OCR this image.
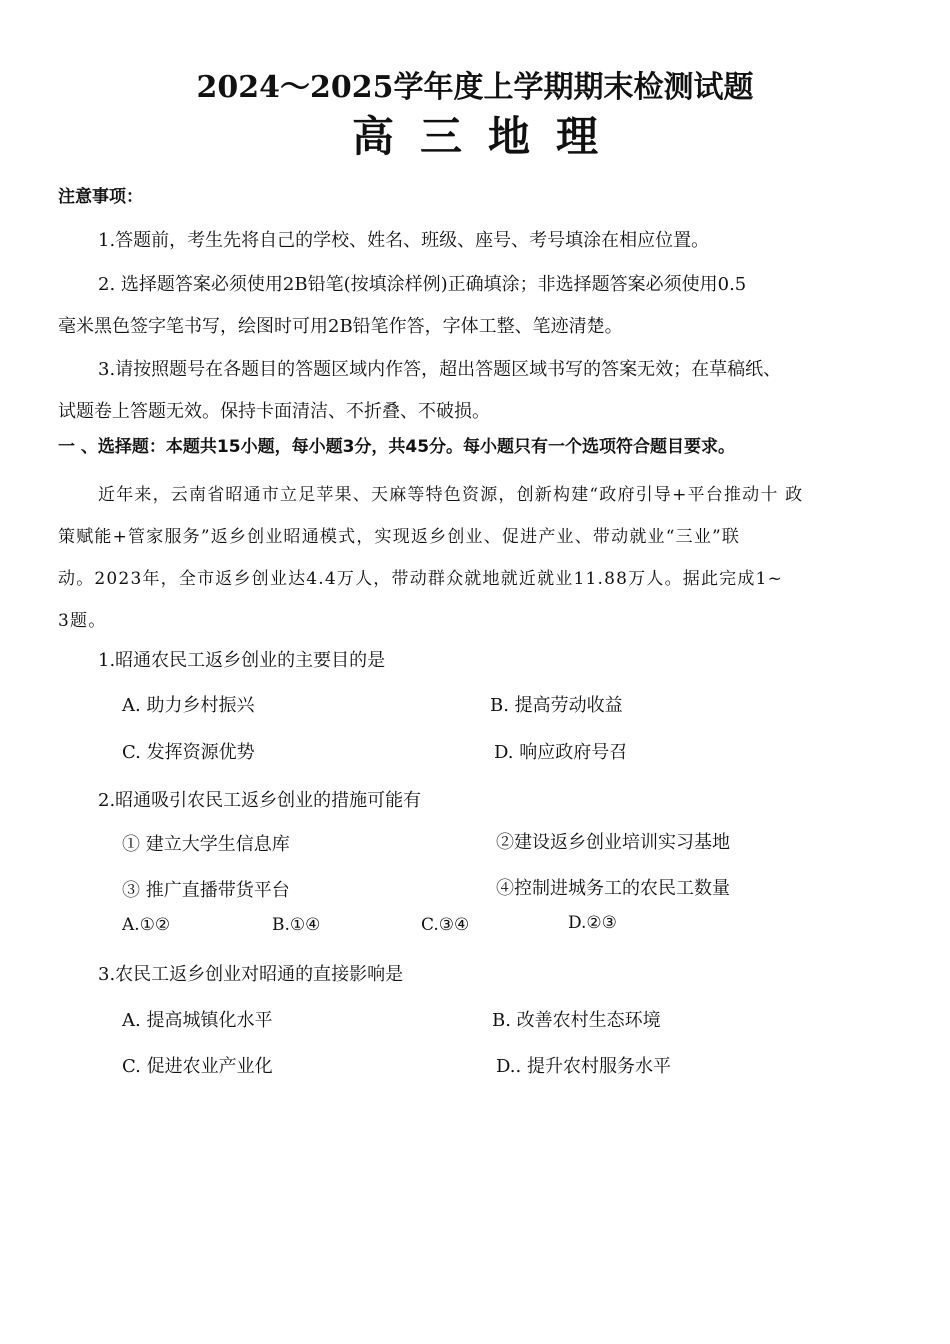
2024～2025学年度上学期期末检测试题
高三地理
注意事项：
1.答题前，考生先将自己的学校、姓名、班级、座号、考号填涂在相应位置。
2. 选择题答案必须使用2B铅笔(按填涂样例)正确填涂；非选择题答案必须使用0.5
毫米黑色签字笔书写，绘图时可用2B铅笔作答，字体工整、笔迹清楚。
3.请按照题号在各题目的答题区域内作答，超出答题区域书写的答案无效；在草稿纸、
试题卷上答题无效。保持卡面清洁、不折叠、不破损。
一 、选择题：本题共15小题，每小题3分，共45分。每小题只有一个选项符合题目要求。
近年来，云南省昭通市立足苹果、天麻等特色资源，创新构建“政府引导+平台推动十 政
策赋能+管家服务”返乡创业昭通模式，实现返乡创业、促进产业、带动就业“三业”联
动。2023年，全市返乡创业达4.4万人，带动群众就地就近就业11.88万人。据此完成1~
3题。
1.昭通农民工返乡创业的主要目的是
A. 助力乡村振兴	B. 提高劳动收益
C. 发挥资源优势	D. 响应政府号召
2.昭通吸引农民工返乡创业的措施可能有
① 建立大学生信息库	②建设返乡创业培训实习基地
③ 推广直播带货平台	④控制进城务工的农民工数量
A.①②	B.①④	C.③④	D.②③
3.农民工返乡创业对昭通的直接影响是
A. 提高城镇化水平	B. 改善农村生态环境
C. 促进农业产业化	D.. 提升农村服务水平
